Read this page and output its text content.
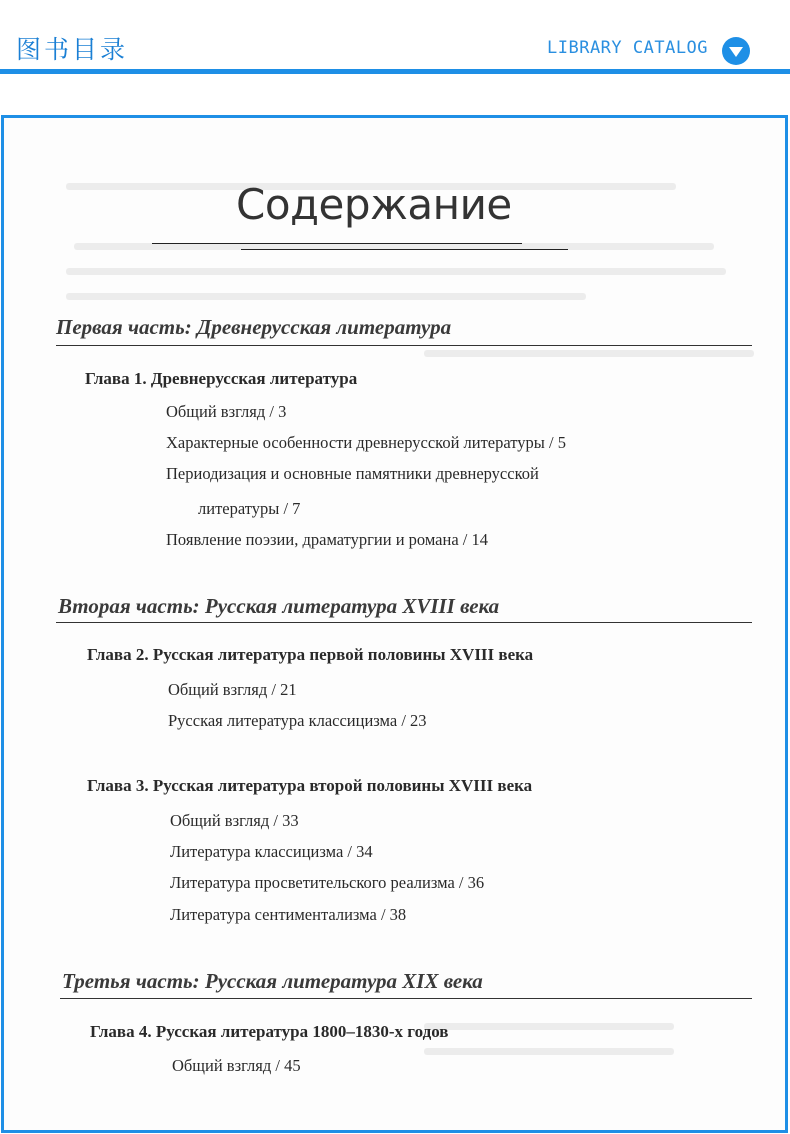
图书目录	LIBRARY CATALOG
Содержание
Первая часть: Древнерусская литература
Глава 1. Древнерусская литература
Общий взгляд / 3
Характерные особенности древнерусской литературы / 5
Периодизация и основные памятники древнерусской
литературы / 7
Появление поэзии, драматургии и романа / 14
Вторая часть: Русская литература XVIII века
Глава 2. Русская литература первой половины XVIII века
Общий взгляд / 21
Русская литература классицизма / 23
Глава 3. Русская литература второй половины XVIII века
Общий взгляд / 33
Литература классицизма / 34
Литература просветительского реализма / 36
Литература сентиментализма / 38
Третья часть: Русская литература XIX века
Глава 4. Русская литература 1800–1830-х годов
Общий взгляд / 45
